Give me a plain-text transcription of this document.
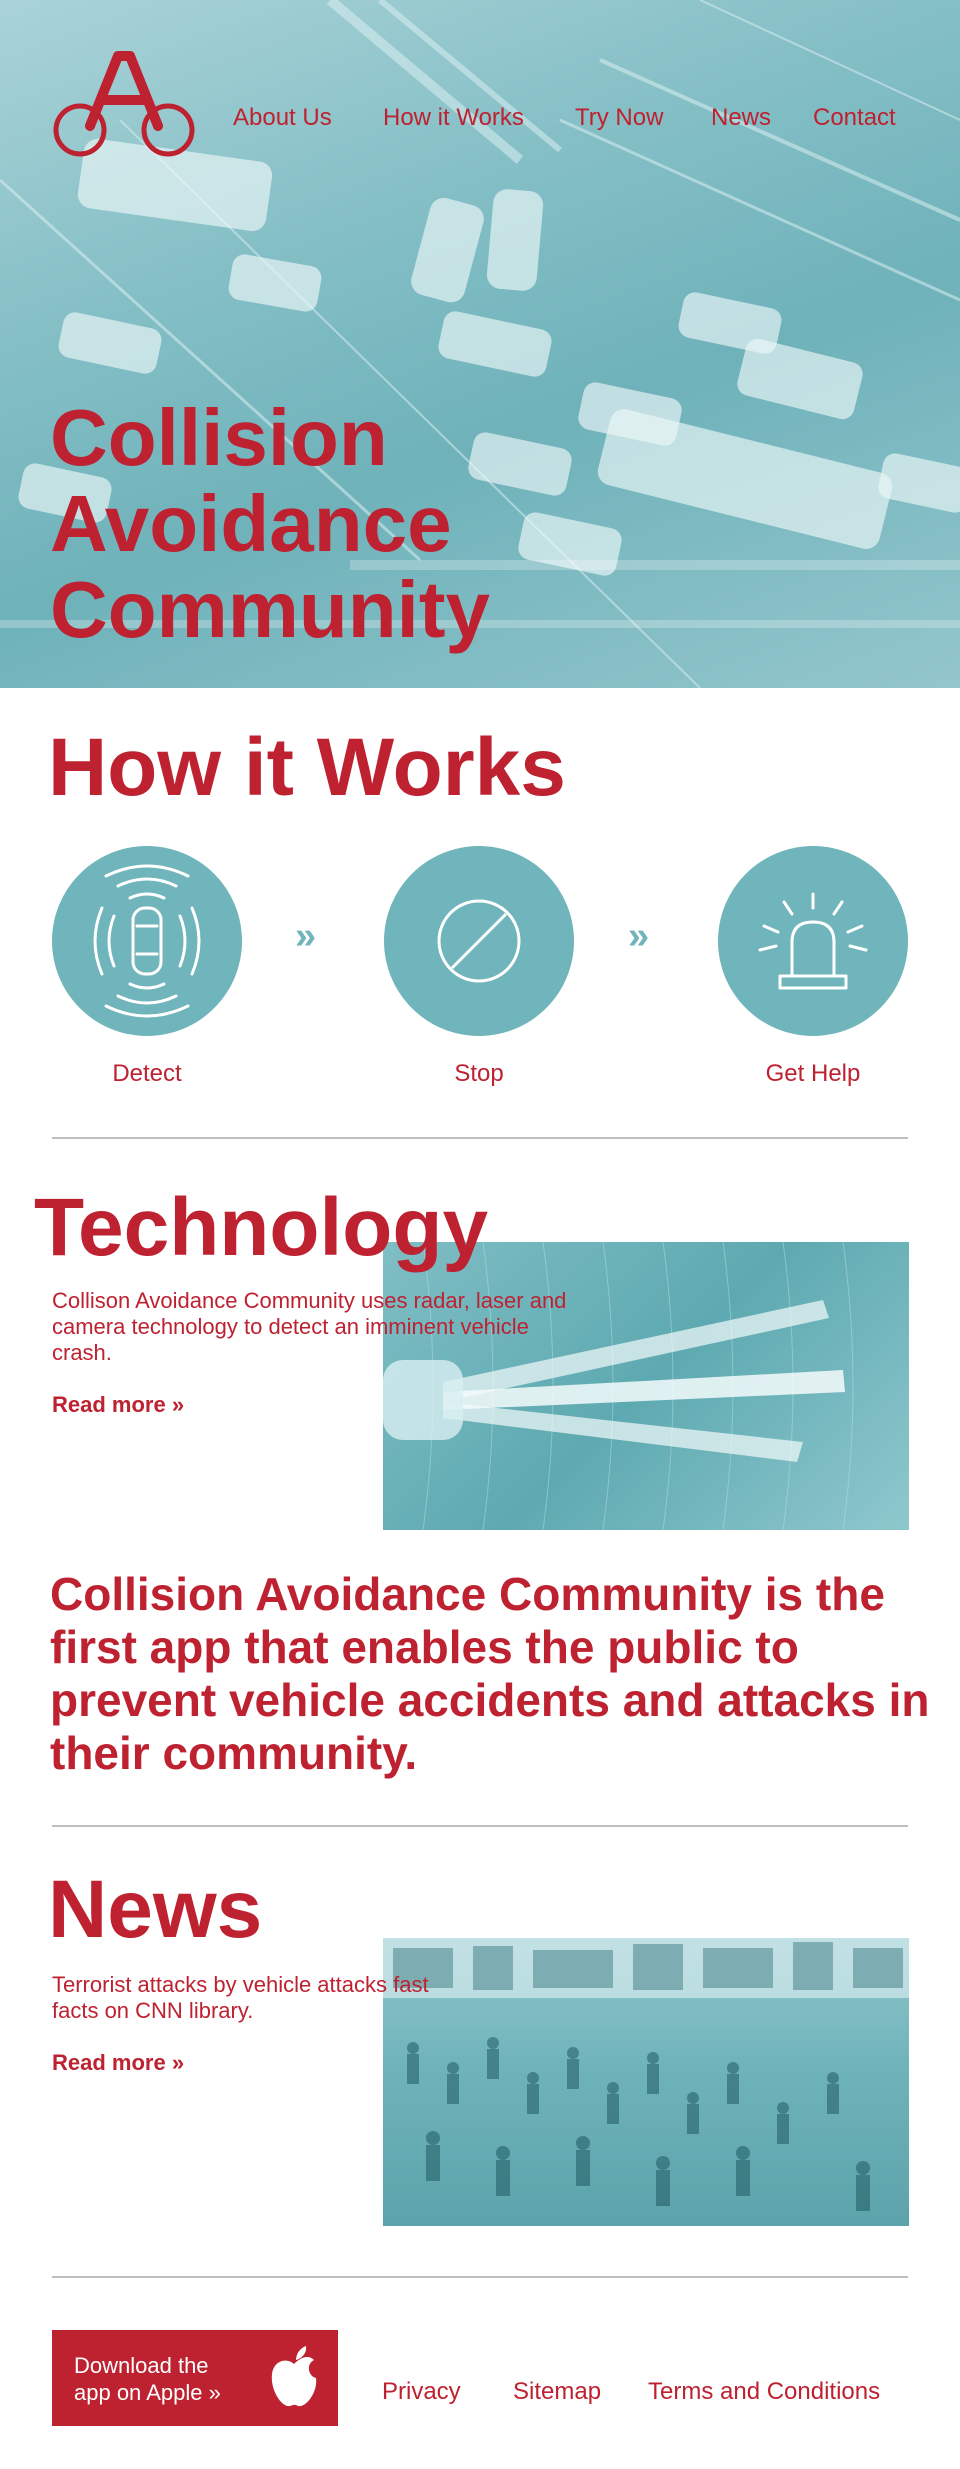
About Us How it Works Try Now News Contact
Collision
Avoidance
Community
How it Works
»	»
Detect	Stop	Get Help
Technology

Collison Avoidance Community uses radar, laser and camera technology to detect an imminent vehicle crash.

Read more »

Collision Avoidance Community is the first app that enables the public to prevent vehicle accidents and attacks in their community.

News

Terrorist attacks by vehicle attacks fast facts on CNN library.

Read more »
Download the
app on Apple »	Privacy Sitemap Terms and Conditions
